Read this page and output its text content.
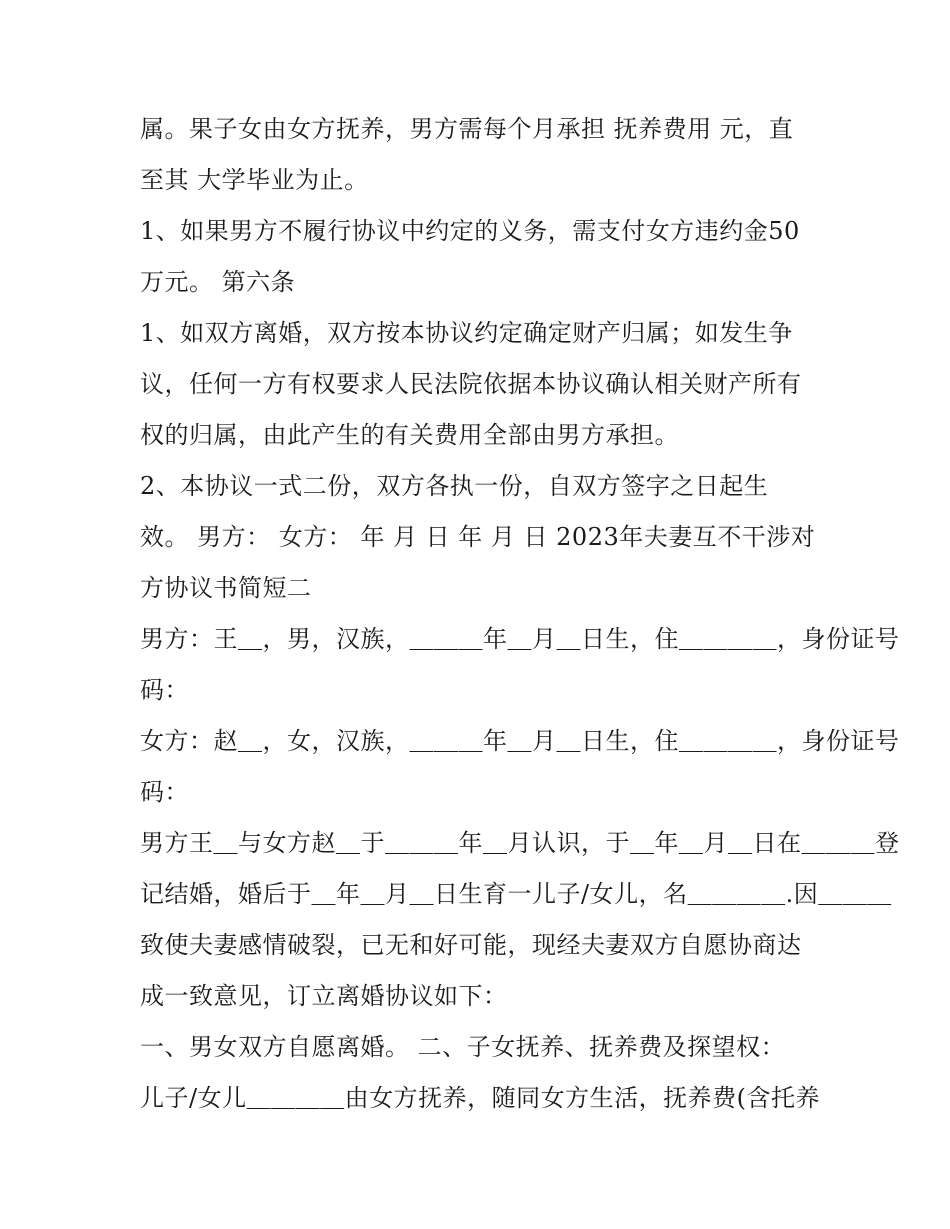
属。果子女由女方抚养，男方需每个月承担 抚养费用 元，直
至其 大学毕业为止。
1、如果男方不履行协议中约定的义务，需支付女方违约金50
万元。 第六条
1、如双方离婚，双方按本协议约定确定财产归属；如发生争
议，任何一方有权要求人民法院依据本协议确认相关财产所有
权的归属，由此产生的有关费用全部由男方承担。
2、本协议一式二份，双方各执一份，自双方签字之日起生
效。 男方： 女方： 年 月 日 年 月 日 2023年夫妻互不干涉对
方协议书简短二
男方：王＿，男，汉族，＿＿＿年＿月＿日生，住＿＿＿＿，身份证号
码：
女方：赵＿，女，汉族，＿＿＿年＿月＿日生，住＿＿＿＿，身份证号
码：
男方王＿与女方赵＿于＿＿＿年＿月认识，于＿年＿月＿日在＿＿＿登
记结婚，婚后于＿年＿月＿日生育一儿子/女儿，名＿＿＿＿.因＿＿＿
致使夫妻感情破裂，已无和好可能，现经夫妻双方自愿协商达
成一致意见，订立离婚协议如下：
一、男女双方自愿离婚。 二、子女抚养、抚养费及探望权：
儿子/女儿＿＿＿＿由女方抚养，随同女方生活，抚养费(含托养
